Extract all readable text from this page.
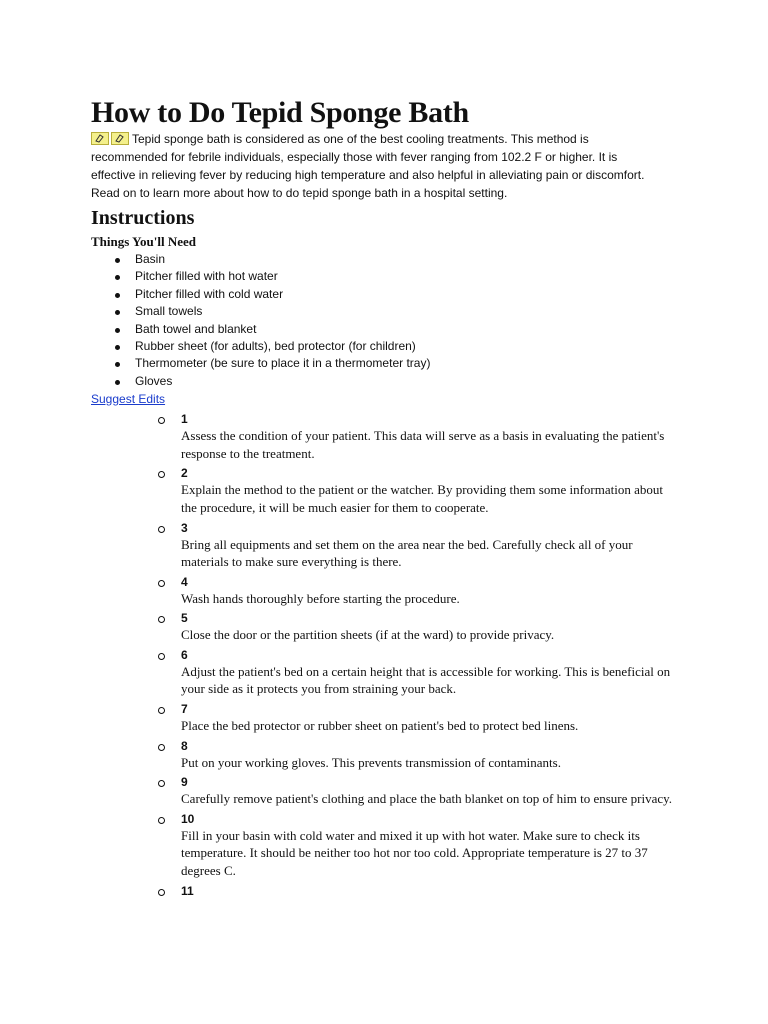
How to Do Tepid Sponge Bath

Tepid sponge bath is considered as one of the best cooling treatments. This method is recommended for febrile individuals, especially those with fever ranging from 102.2 F or higher. It is effective in relieving fever by reducing high temperature and also helpful in alleviating pain or discomfort. Read on to learn more about how to do tepid sponge bath in a hospital setting.

Instructions
Things You'll Need
Basin
Pitcher filled with hot water
Pitcher filled with cold water
Small towels
Bath towel and blanket
Rubber sheet (for adults), bed protector (for children)
Thermometer (be sure to place it in a thermometer tray)
Gloves
Suggest Edits
1
Assess the condition of your patient. This data will serve as a basis in evaluating the patient's response to the treatment.
2
Explain the method to the patient or the watcher. By providing them some information about the procedure, it will be much easier for them to cooperate.
3
Bring all equipments and set them on the area near the bed. Carefully check all of your materials to make sure everything is there.
4
Wash hands thoroughly before starting the procedure.
5
Close the door or the partition sheets (if at the ward) to provide privacy.
6
Adjust the patient's bed on a certain height that is accessible for working. This is beneficial on your side as it protects you from straining your back.
7
Place the bed protector or rubber sheet on patient's bed to protect bed linens.
8
Put on your working gloves. This prevents transmission of contaminants.
9
Carefully remove patient's clothing and place the bath blanket on top of him to ensure privacy.
10
Fill in your basin with cold water and mixed it up with hot water. Make sure to check its temperature. It should be neither too hot nor too cold. Appropriate temperature is 27 to 37 degrees C.
11
